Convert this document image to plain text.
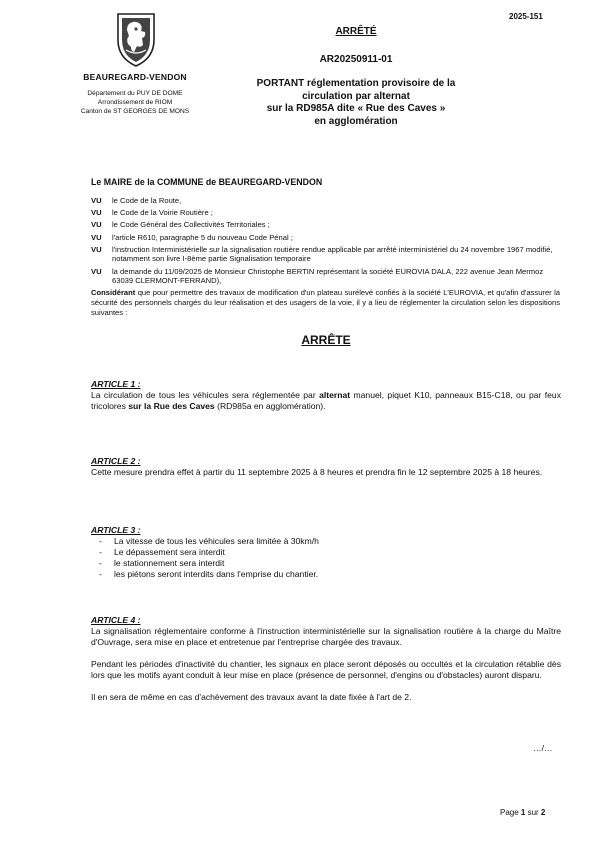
2025-151
BEAUREGARD-VENDON
Département du PUY DE DOME
Arrondissement de RIOM
Canton de ST GEORGES DE MONS
ARRÊTÉ
AR20250911-01
PORTANT réglementation provisoire de la
circulation par alternat
sur la RD985A dite « Rue des Caves »
en agglomération
Le MAIRE de la COMMUNE de BEAUREGARD-VENDON
VU	le Code de la Route,
VU	le Code de la Voirie Routière ;
VU	le Code Général des Collectivités Territoriales ;
VU	l'article R610, paragraphe 5 du nouveau Code Pénal ;
VU	l'instruction Interministérielle sur la signalisation routière rendue applicable par arrêté interministériel du 24 novembre 1967 modifié, notamment son livre I-8ème partie Signalisation temporaire
VU	la demande du 11/09/2025 de Monsieur Christophe BERTIN représentant la société EUROVIA DALA, 222 avenue Jean Mermoz 63039 CLERMONT-FERRAND),
Considérant que pour permettre des travaux de modification d'un plateau surélevé confiés à la société L'EUROVIA, et qu'afin d'assurer la sécurité des personnels chargés du leur réalisation et des usagers de la voie, il y a lieu de réglementer la circulation selon les dispositions suivantes :
ARRÊTE
ARTICLE 1 :

La circulation de tous les véhicules sera réglementée par alternat manuel, piquet K10, panneaux B15-C18, ou par feux tricolores sur la Rue des Caves (RD985a en agglomération).

ARTICLE 2 :

Cette mesure prendra effet à partir du 11 septembre 2025 à 8 heures et prendra fin le 12 septembre 2025 à 18 heures.

ARTICLE 3 :
-	La vitesse de tous les véhicules sera limitée à 30km/h
-	Le dépassement sera interdit
-	le stationnement sera interdit
-	les piétons seront interdits dans l'emprise du chantier.
ARTICLE 4 :

La signalisation réglementaire conforme à l'instruction interministérielle sur la signalisation routière à la charge du Maître d'Ouvrage, sera mise en place et entretenue par l'entreprise chargée des travaux.

Pendant les périodes d'inactivité du chantier, les signaux en place seront déposés ou occultés et la circulation rétablie dès lors que les motifs ayant conduit à leur mise en place (présence de personnel, d'engins ou d'obstacles) auront disparu.

Il en sera de même en cas d'achèvement des travaux avant la date fixée à l'art de 2.

…/…
Page 1 sur 2
